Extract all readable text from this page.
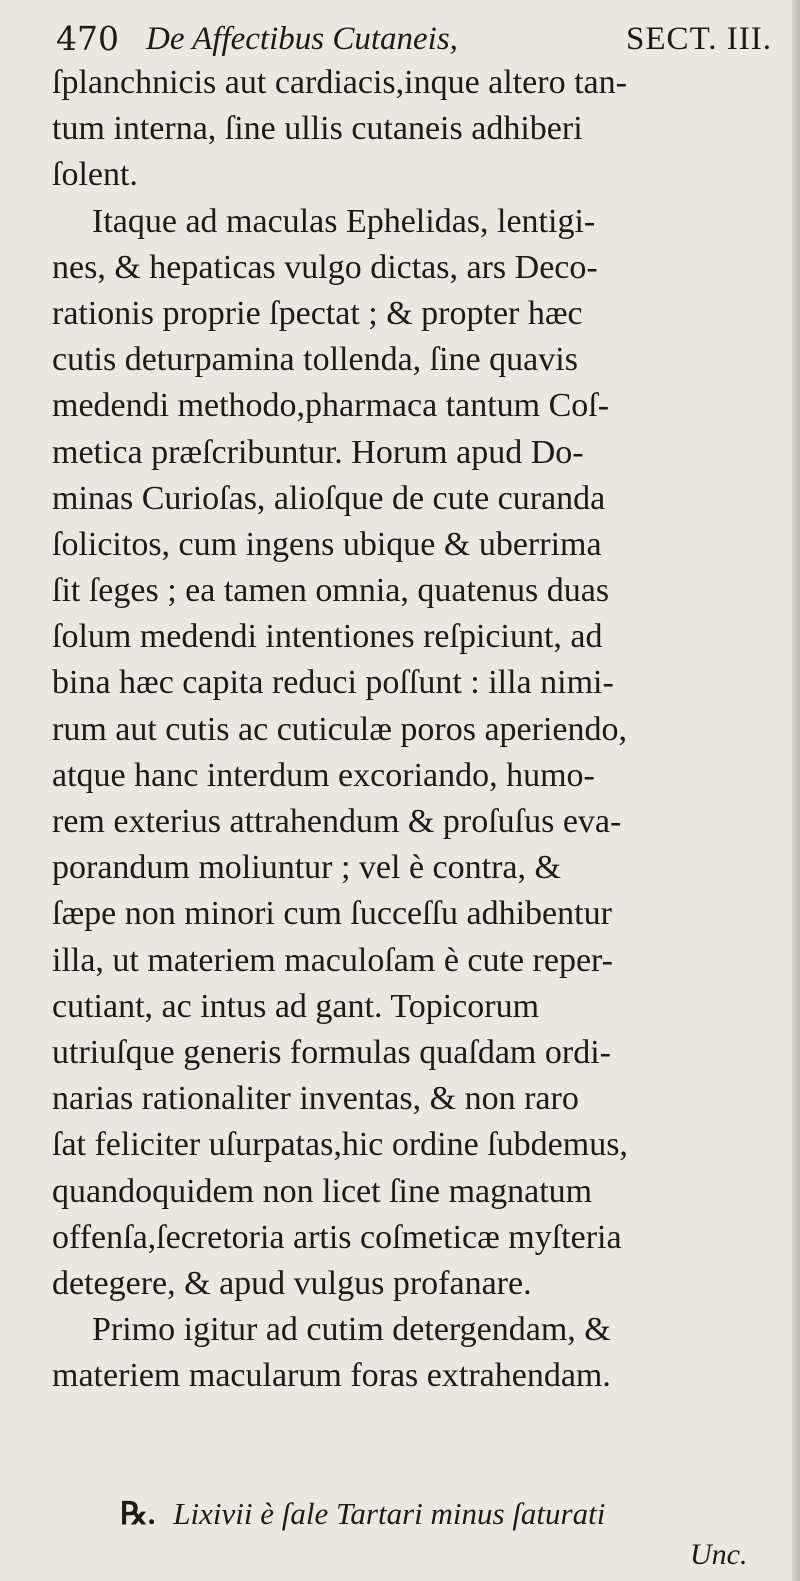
470 De Affectibus Cutaneis,	SECT. III.
ſplanchnicis aut cardiacis,inque altero tan-
tum interna, ſine ullis cutaneis adhiberi
ſolent.
Itaque ad maculas Ephelidas, lentigi-
nes, & hepaticas vulgo dictas, ars Deco-
rationis proprie ſpectat ; & propter hæc
cutis deturpamina tollenda, ſine quavis
medendi methodo,pharmaca tantum Coſ-
metica præſcribuntur. Horum apud Do-
minas Curioſas, alioſque de cute curanda
ſolicitos, cum ingens ubique & uberrima
ſit ſeges ; ea tamen omnia, quatenus duas
ſolum medendi intentiones reſpiciunt, ad
bina hæc capita reduci poſſunt : illa nimi-
rum aut cutis ac cuticulæ poros aperiendo,
atque hanc interdum excoriando, humo-
rem exterius attrahendum & proſuſus eva-
porandum moliuntur ; vel è contra, &
ſæpe non minori cum ſucceſſu adhibentur
illa, ut materiem maculoſam è cute reper-
cutiant, ac intus ad gant. Topicorum
utriuſque generis formulas quaſdam ordi-
narias rationaliter inventas, & non raro
ſat feliciter uſurpatas,hic ordine ſubdemus,
quandoquidem non licet ſine magnatum
offenſa,ſecretoria artis coſmeticæ myſteria
detegere, & apud vulgus profanare.
Primo igitur ad cutim detergendam, &
materiem macularum foras extrahendam.
℞. Lixivii è ſale Tartari minus ſaturati
Unc.
